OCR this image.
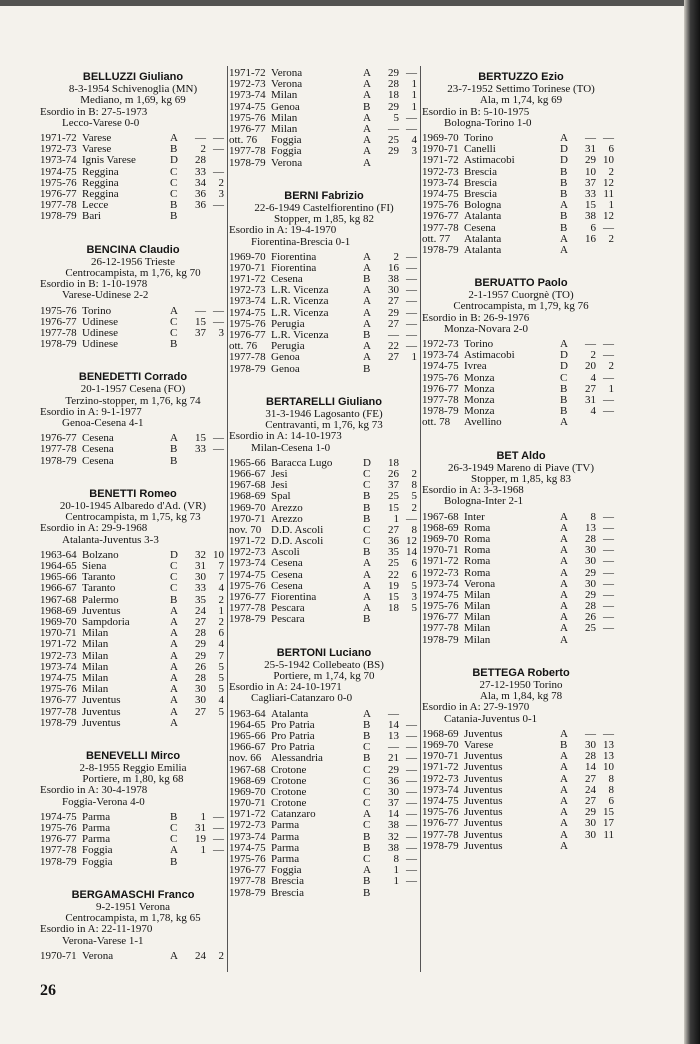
BELLUZZI Giuliano
8-3-1954 Schivenoglia (MN)
Mediano, m 1,69, kg 69
Esordio in B: 27-5-1973
Lecco-Varese 0-0
1971-72 Varese	A	— —
1972-73 Varese	B	2 —
1973-74 Ignis Varese	D	28
1974-75 Reggina	C	33 —
1975-76 Reggina	C	34	2
1976-77 Reggina	C	36	3
1977-78 Lecce	B	36 —
1978-79 Bari	B
BENCINA Claudio
26-12-1956 Trieste
Centrocampista, m 1,76, kg 70
Esordio in B: 1-10-1978
Varese-Udinese 2-2
1975-76 Torino	A	— —
1976-77 Udinese	C	15 —
1977-78 Udinese	C	37	3
1978-79 Udinese	B
BENEDETTI Corrado
20-1-1957 Cesena (FO)
Terzino-stopper, m 1,76, kg 74
Esordio in A: 9-1-1977
Genoa-Cesena 4-1
1976-77 Cesena	A	15 —
1977-78 Cesena	B	33 —
1978-79 Cesena	B
BENETTI Romeo
20-10-1945 Albaredo d'Ad. (VR)
Centrocampista, m 1,75, kg 73
Esordio in A: 29-9-1968
Atalanta-Juventus 3-3
1963-64 Bolzano	D	32 10
1964-65 Siena	C	31	7
1965-66 Taranto	C	30	7
1966-67 Taranto	C	33	4
1967-68 Palermo	B	35	2
1968-69 Juventus	A	24	1
1969-70 Sampdoria	A	27	2
1970-71 Milan	A	28	6
1971-72 Milan	A	29	4
1972-73 Milan	A	29	7
1973-74 Milan	A	26	5
1974-75 Milan	A	28	5
1975-76 Milan	A	30	5
1976-77 Juventus	A	30	4
1977-78 Juventus	A	27	5
1978-79 Juventus	A
BENEVELLI Mirco
2-8-1955 Reggio Emilia
Portiere, m 1,80, kg 68
Esordio in A: 30-4-1978
Foggia-Verona 4-0
1974-75 Parma	B	1 —
1975-76 Parma	C	31 —
1976-77 Parma	C	19 —
1977-78 Foggia	A	1 —
1978-79 Foggia	B
BERGAMASCHI Franco
9-2-1951 Verona
Centrocampista, m 1,78, kg 65
Esordio in A: 22-11-1970
Verona-Varese 1-1
1970-71 Verona	A	24	2
1971-72 Verona	A	29 —
1972-73 Verona	A	28	1
1973-74 Milan	A	18	1
1974-75 Genoa	B	29	1
1975-76 Milan	A	5 —
1976-77 Milan	A	— —
ott. 76	Foggia	A	25	4
1977-78 Foggia	A	29	3
1978-79 Verona	A
BERNI Fabrizio
22-6-1949 Castelfiorentino (FI)
Stopper, m 1,85, kg 82
Esordio in A: 19-4-1970
Fiorentina-Brescia 0-1
1969-70 Fiorentina	A	2 —
1970-71 Fiorentina	A	16 —
1971-72 Cesena	B	38 —
1972-73 L.R. Vicenza	A	30 —
1973-74 L.R. Vicenza	A	27 —
1974-75 L.R. Vicenza	A	29 —
1975-76 Perugia	A	27 —
1976-77 L.R. Vicenza	B	— —
ott. 76	Perugia	A	22 —
1977-78 Genoa	A	27	1
1978-79 Genoa	B
BERTARELLI Giuliano
31-3-1946 Lagosanto (FE)
Centravanti, m 1,76, kg 73
Esordio in A: 14-10-1973
Milan-Cesena 1-0
1965-66 Baracca Lugo	D	18
1966-67 Jesi	C	26	2
1967-68 Jesi	C	37	8
1968-69 Spal	B	25	5
1969-70 Arezzo	B	15	2
1970-71 Arezzo	B	1 —
nov. 70 D.D. Ascoli	C	27	8
1971-72 D.D. Ascoli	C	36 12
1972-73 Ascoli	B	35 14
1973-74 Cesena	A	25	6
1974-75 Cesena	A	22	6
1975-76 Cesena	A	19	5
1976-77 Fiorentina	A	15	3
1977-78 Pescara	A	18	5
1978-79 Pescara	B
BERTONI Luciano
25-5-1942 Collebeato (BS)
Portiere, m 1,74, kg 70
Esordio in A: 24-10-1971
Cagliari-Catanzaro 0-0
1963-64 Atalanta	A	—
1964-65 Pro Patria	B	14 —
1965-66 Pro Patria	B	13 —
1966-67 Pro Patria	C	— —
nov. 66 Alessandria	B	21 —
1967-68 Crotone	C	29 —
1968-69 Crotone	C	36 —
1969-70 Crotone	C	30 —
1970-71 Crotone	C	37 —
1971-72 Catanzaro	A	14 —
1972-73 Parma	C	38 —
1973-74 Parma	B	32 —
1974-75 Parma	B	38 —
1975-76 Parma	C	8 —
1976-77 Foggia	A	1 —
1977-78 Brescia	B	1 —
1978-79 Brescia	B
BERTUZZO Ezio
23-7-1952 Settimo Torinese (TO)
Ala, m 1,74, kg 69
Esordio in B: 5-10-1975
Bologna-Torino 1-0
1969-70 Torino	A	— —
1970-71 Canelli	D	31	6
1971-72 Astimacobi	D	29 10
1972-73 Brescia	B	10	2
1973-74 Brescia	B	37 12
1974-75 Brescia	B	33 11
1975-76 Bologna	A	15	1
1976-77 Atalanta	B	38 12
1977-78 Cesena	B	6 —
ott. 77	Atalanta	A	16	2
1978-79 Atalanta	A
BERUATTO Paolo
2-1-1957 Cuorgnè (TO)
Centrocampista, m 1,79, kg 76
Esordio in B: 26-9-1976
Monza-Novara 2-0
1972-73 Torino	A	— —
1973-74 Astimacobi	D	2 —
1974-75 Ivrea	D	20	2
1975-76 Monza	C	4 —
1976-77 Monza	B	27	1
1977-78 Monza	B	31 —
1978-79 Monza	B	4 —
ott. 78	Avellino	A
BET Aldo
26-3-1949 Mareno di Piave (TV)
Stopper, m 1,85, kg 83
Esordio in A: 3-3-1968
Bologna-Inter 2-1
1967-68 Inter	A	8 —
1968-69 Roma	A	13 —
1969-70 Roma	A	28 —
1970-71 Roma	A	30 —
1971-72 Roma	A	30 —
1972-73 Roma	A	29 —
1973-74 Verona	A	30 —
1974-75 Milan	A	29 —
1975-76 Milan	A	28 —
1976-77 Milan	A	26 —
1977-78 Milan	A	25 —
1978-79 Milan	A
BETTEGA Roberto
27-12-1950 Torino
Ala, m 1,84, kg 78
Esordio in A: 27-9-1970
Catania-Juventus 0-1
1968-69 Juventus	A	— —
1969-70 Varese	B	30 13
1970-71 Juventus	A	28 13
1971-72 Juventus	A	14 10
1972-73 Juventus	A	27	8
1973-74 Juventus	A	24	8
1974-75 Juventus	A	27	6
1975-76 Juventus	A	29 15
1976-77 Juventus	A	30 17
1977-78 Juventus	A	30 11
1978-79 Juventus	A
26
